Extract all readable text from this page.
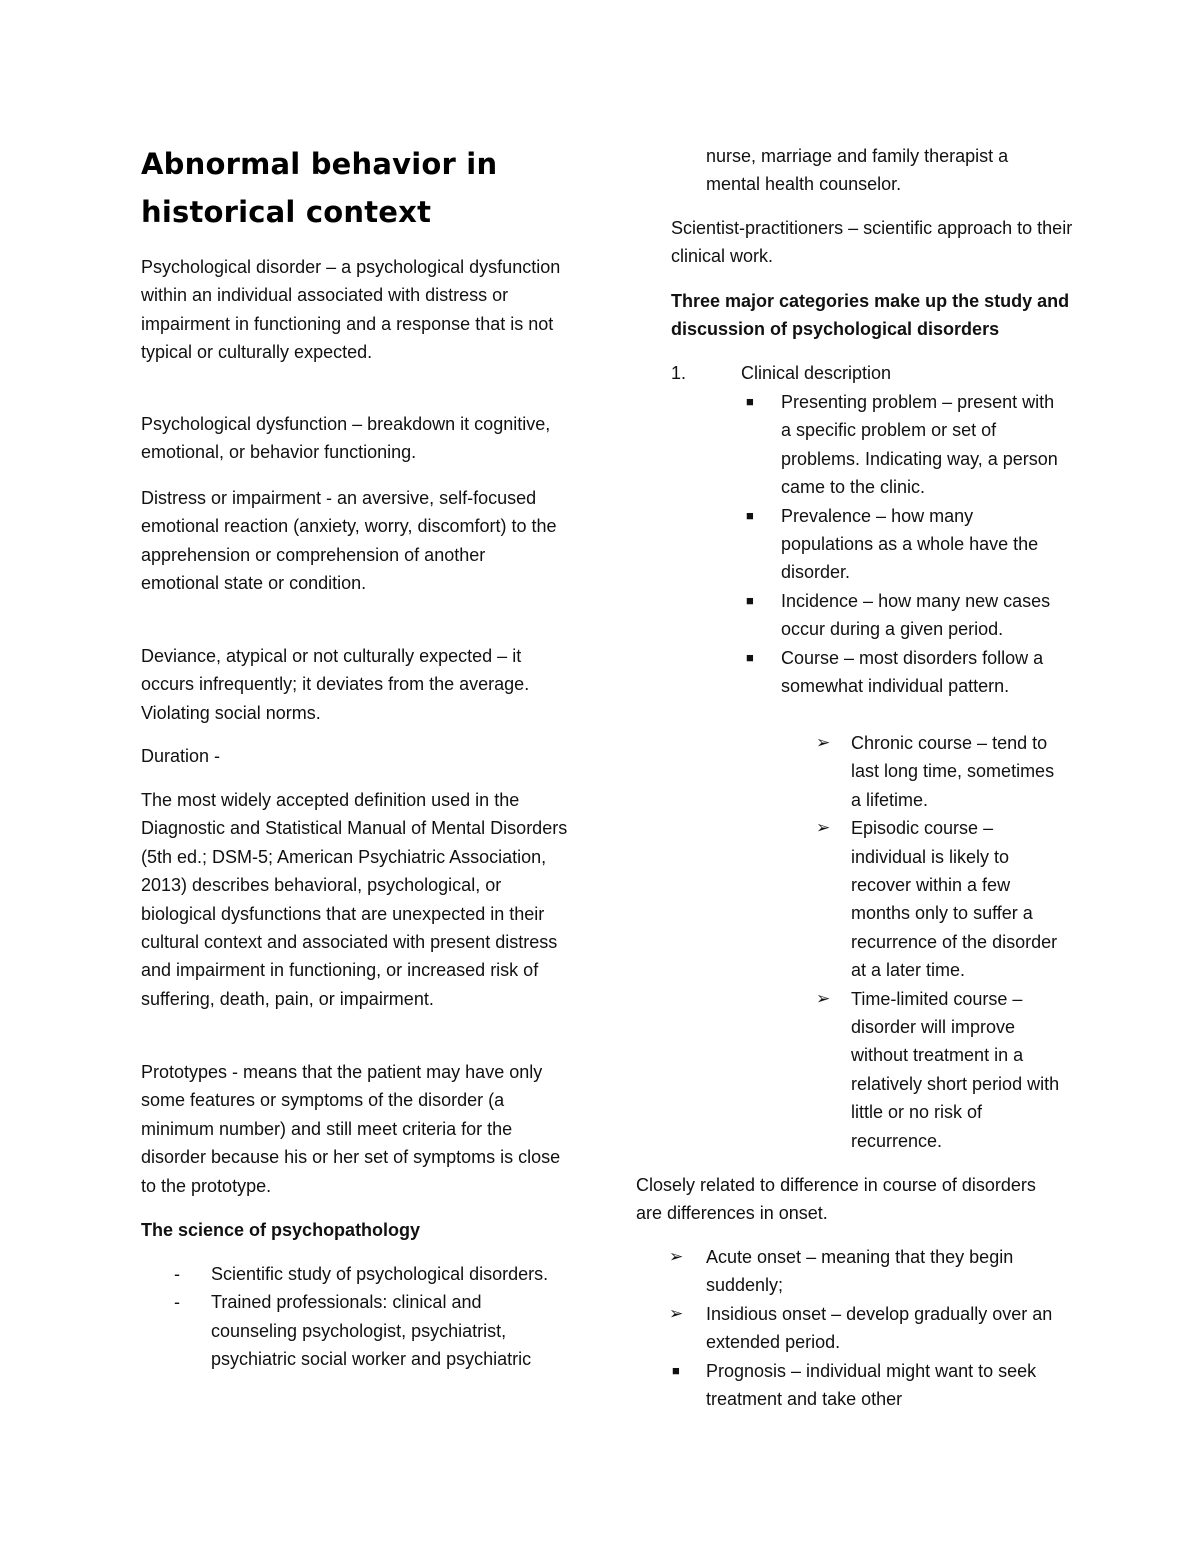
Abnormal behavior in historical context

Psychological disorder – a psychological dysfunction within an individual associated with distress or impairment in functioning and a response that is not typical or culturally expected.

Psychological dysfunction – breakdown it cognitive, emotional, or behavior functioning.

Distress or impairment - an aversive, self-focused emotional reaction (anxiety, worry, discomfort) to the apprehension or comprehension of another emotional state or condition.

Deviance, atypical or not culturally expected – it occurs infrequently; it deviates from the average. Violating social norms.

Duration -

The most widely accepted definition used in the Diagnostic and Statistical Manual of Mental Disorders (5th ed.; DSM-5; American Psychiatric Association, 2013) describes behavioral, psychological, or biological dysfunctions that are unexpected in their cultural context and associated with present distress and impairment in functioning, or increased risk of suffering, death, pain, or impairment.

Prototypes - means that the patient may have only some features or symptoms of the disorder (a minimum number) and still meet criteria for the disorder because his or her set of symptoms is close to the prototype.

The science of psychopathology

- Scientific study of psychological disorders.
- Trained professionals: clinical and counseling psychologist, psychiatrist, psychiatric social worker and psychiatric

nurse, marriage and family therapist a mental health counselor.

Scientist-practitioners – scientific approach to their clinical work.

Three major categories make up the study and discussion of psychological disorders

1.	Clinical description
■ Presenting problem – present with a specific problem or set of problems. Indicating way, a person came to the clinic.
■ Prevalence – how many populations as a whole have the disorder.
■ Incidence – how many new cases occur during a given period.
■ Course – most disorders follow a somewhat individual pattern.
➢ Chronic course – tend to last long time, sometimes a lifetime.
➢ Episodic course – individual is likely to recover within a few months only to suffer a recurrence of the disorder at a later time.
➢ Time-limited course – disorder will improve without treatment in a relatively short period with little or no risk of recurrence.

Closely related to difference in course of disorders are differences in onset.

➢ Acute onset – meaning that they begin suddenly;
➢ Insidious onset – develop gradually over an extended period.
■ Prognosis – individual might want to seek treatment and take other
